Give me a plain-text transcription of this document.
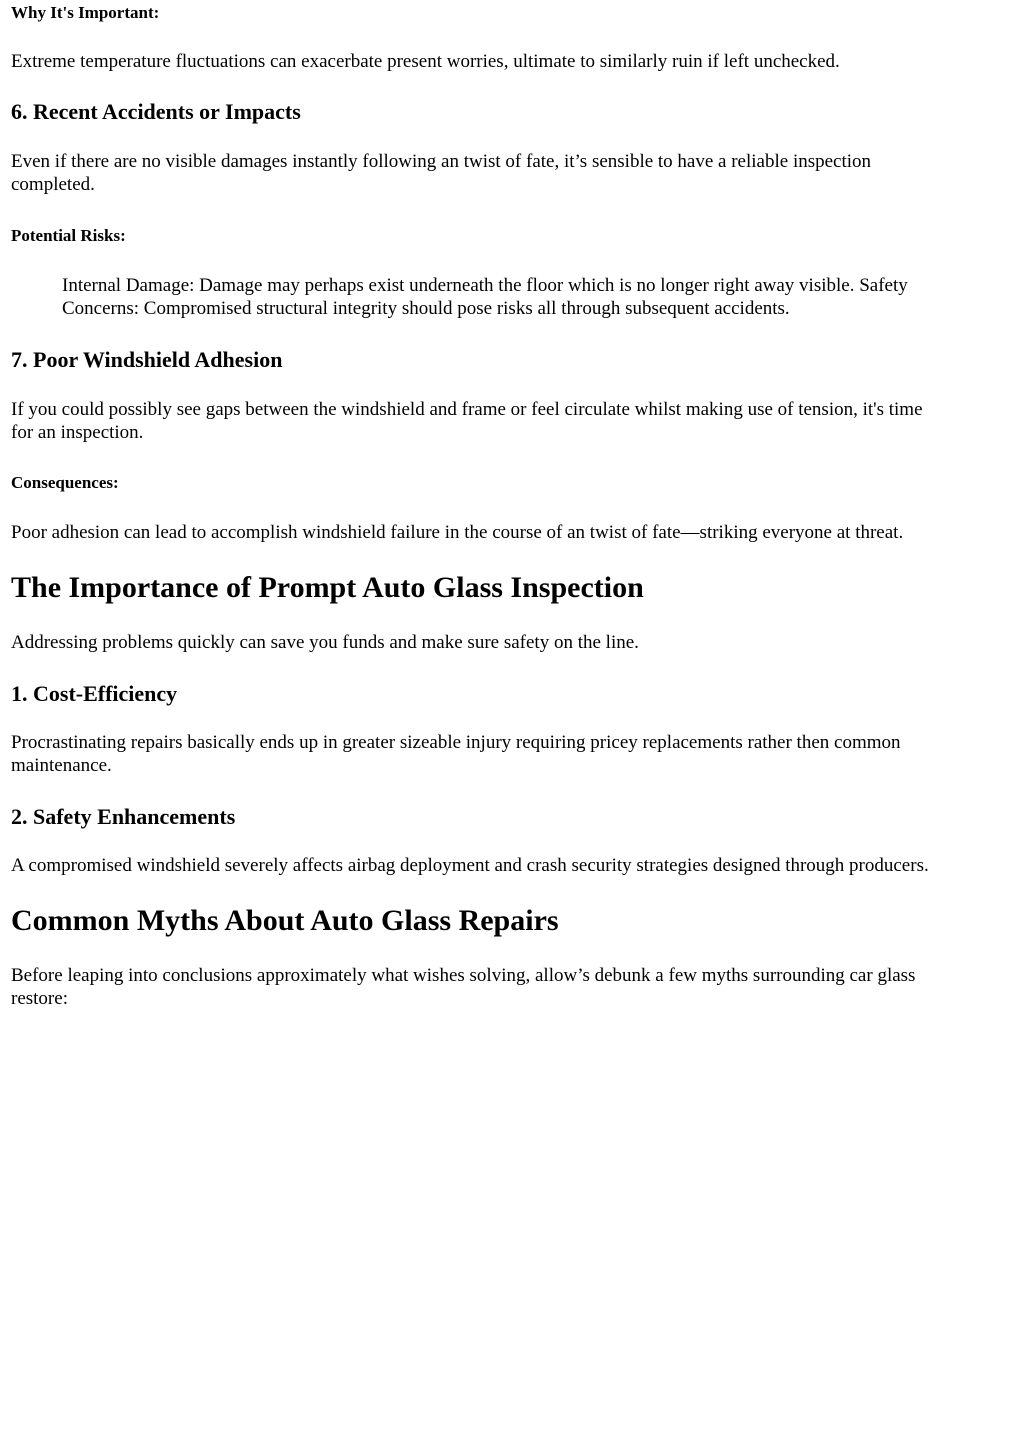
Why It's Important:
Extreme temperature fluctuations can exacerbate present worries, ultimate to similarly ruin if left unchecked.
6. Recent Accidents or Impacts
Even if there are no visible damages instantly following an twist of fate, it’s sensible to have a reliable inspection
completed.
Potential Risks:
Internal Damage: Damage may perhaps exist underneath the floor which is no longer right away visible. Safety
Concerns: Compromised structural integrity should pose risks all through subsequent accidents.
7. Poor Windshield Adhesion
If you could possibly see gaps between the windshield and frame or feel circulate whilst making use of tension, it's time
for an inspection.
Consequences:
Poor adhesion can lead to accomplish windshield failure in the course of an twist of fate—striking everyone at threat.
The Importance of Prompt Auto Glass Inspection
Addressing problems quickly can save you funds and make sure safety on the line.
1. Cost-Efficiency
Procrastinating repairs basically ends up in greater sizeable injury requiring pricey replacements rather then common
maintenance.
2. Safety Enhancements
A compromised windshield severely affects airbag deployment and crash security strategies designed through producers.
Common Myths About Auto Glass Repairs
Before leaping into conclusions approximately what wishes solving, allow’s debunk a few myths surrounding car glass
restore:
